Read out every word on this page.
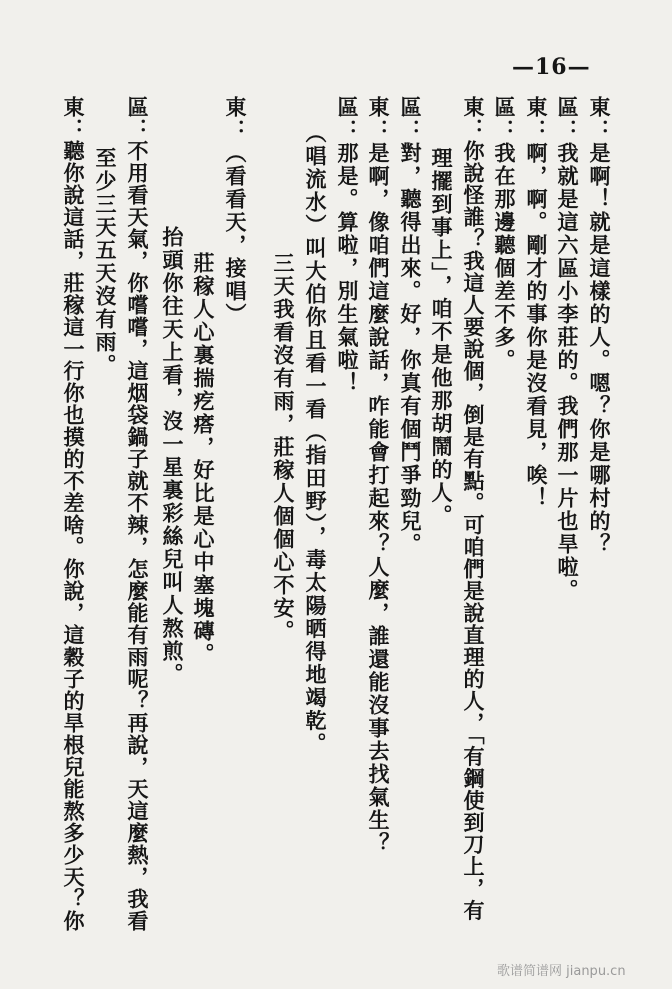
—16—
東：是啊！就是這樣的人。嗯？你是哪村的？
區：我就是這六區小李莊的。我們那一片也旱啦。
東：啊，啊。剛才的事你是沒看見，唉！
區：我在那邊聽個差不多。
東：你說怪誰？我這人要說個，倒是有點。可咱們是說直理的人，「有鋼使到刀上，有
理擺到事上」，咱不是他那胡鬧的人。
區：對，聽得出來。好，你真有個鬥爭勁兒。
東：是啊，像咱們這麼說話，咋能會打起來？人麼，誰還能沒事去找氣生？
區：那是。算啦，別生氣啦！
（唱流水）叫大伯你且看一看（指田野），毒太陽晒得地竭乾。
三天我看沒有雨，莊稼人個個心不安。
東：（看看天，接唱）
莊稼人心裏揣疙瘩，好比是心中塞塊磚。
抬頭你往天上看，沒一星裏彩絲兒叫人熬煎。
區：不用看天氣，你嚐嚐，這烟袋鍋子就不辣，怎麼能有雨呢？再說，天這麼熱，我看
至少三天五天沒有雨。
東：聽你說這話，莊稼這一行你也摸的不差啥。你說，這穀子的旱根兒能熬多少天？你
歌谱简谱网 jianpu.cn
